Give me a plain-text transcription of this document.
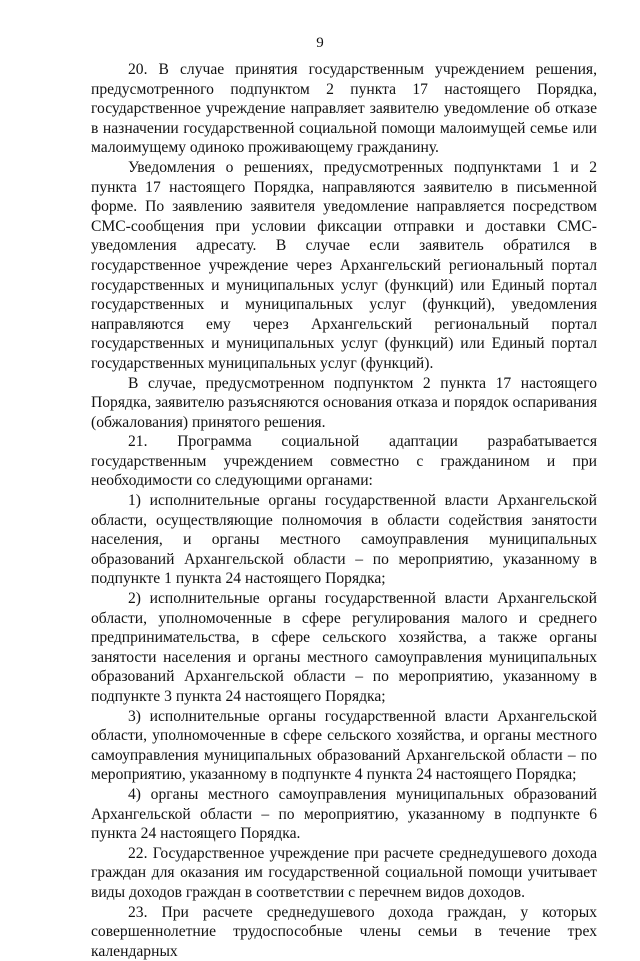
9

20. В случае принятия государственным учреждением решения, предусмотренного подпунктом 2 пункта 17 настоящего Порядка, государственное учреждение направляет заявителю уведомление об отказе в назначении государственной социальной помощи малоимущей семье или малоимущему одиноко проживающему гражданину.

Уведомления о решениях, предусмотренных подпунктами 1 и 2 пункта 17 настоящего Порядка, направляются заявителю в письменной форме. По заявлению заявителя уведомление направляется посредством СМС-сообщения при условии фиксации отправки и доставки СМС-уведомления адресату. В случае если заявитель обратился в государственное учреждение через Архангельский региональный портал государственных и муниципальных услуг (функций) или Единый портал государственных и муниципальных услуг (функций), уведомления направляются ему через Архангельский региональный портал государственных и муниципальных услуг (функций) или Единый портал государственных муниципальных услуг (функций).

В случае, предусмотренном подпунктом 2 пункта 17 настоящего Порядка, заявителю разъясняются основания отказа и порядок оспаривания (обжалования) принятого решения.

21. Программа социальной адаптации разрабатывается государственным учреждением совместно с гражданином и при необходимости со следующими органами:

1) исполнительные органы государственной власти Архангельской области, осуществляющие полномочия в области содействия занятости населения, и органы местного самоуправления муниципальных образований Архангельской области – по мероприятию, указанному в подпункте 1 пункта 24 настоящего Порядка;

2) исполнительные органы государственной власти Архангельской области, уполномоченные в сфере регулирования малого и среднего предпринимательства, в сфере сельского хозяйства, а также органы занятости населения и органы местного самоуправления муниципальных образований Архангельской области – по мероприятию, указанному в подпункте 3 пункта 24 настоящего Порядка;

3) исполнительные органы государственной власти Архангельской области, уполномоченные в сфере сельского хозяйства, и органы местного самоуправления муниципальных образований Архангельской области – по мероприятию, указанному в подпункте 4 пункта 24 настоящего Порядка;

4) органы местного самоуправления муниципальных образований Архангельской области – по мероприятию, указанному в подпункте 6 пункта 24 настоящего Порядка.

22. Государственное учреждение при расчете среднедушевого дохода граждан для оказания им государственной социальной помощи учитывает виды доходов граждан в соответствии с перечнем видов доходов.

23. При расчете среднедушевого дохода граждан, у которых совершеннолетние трудоспособные члены семьи в течение трех календарных
